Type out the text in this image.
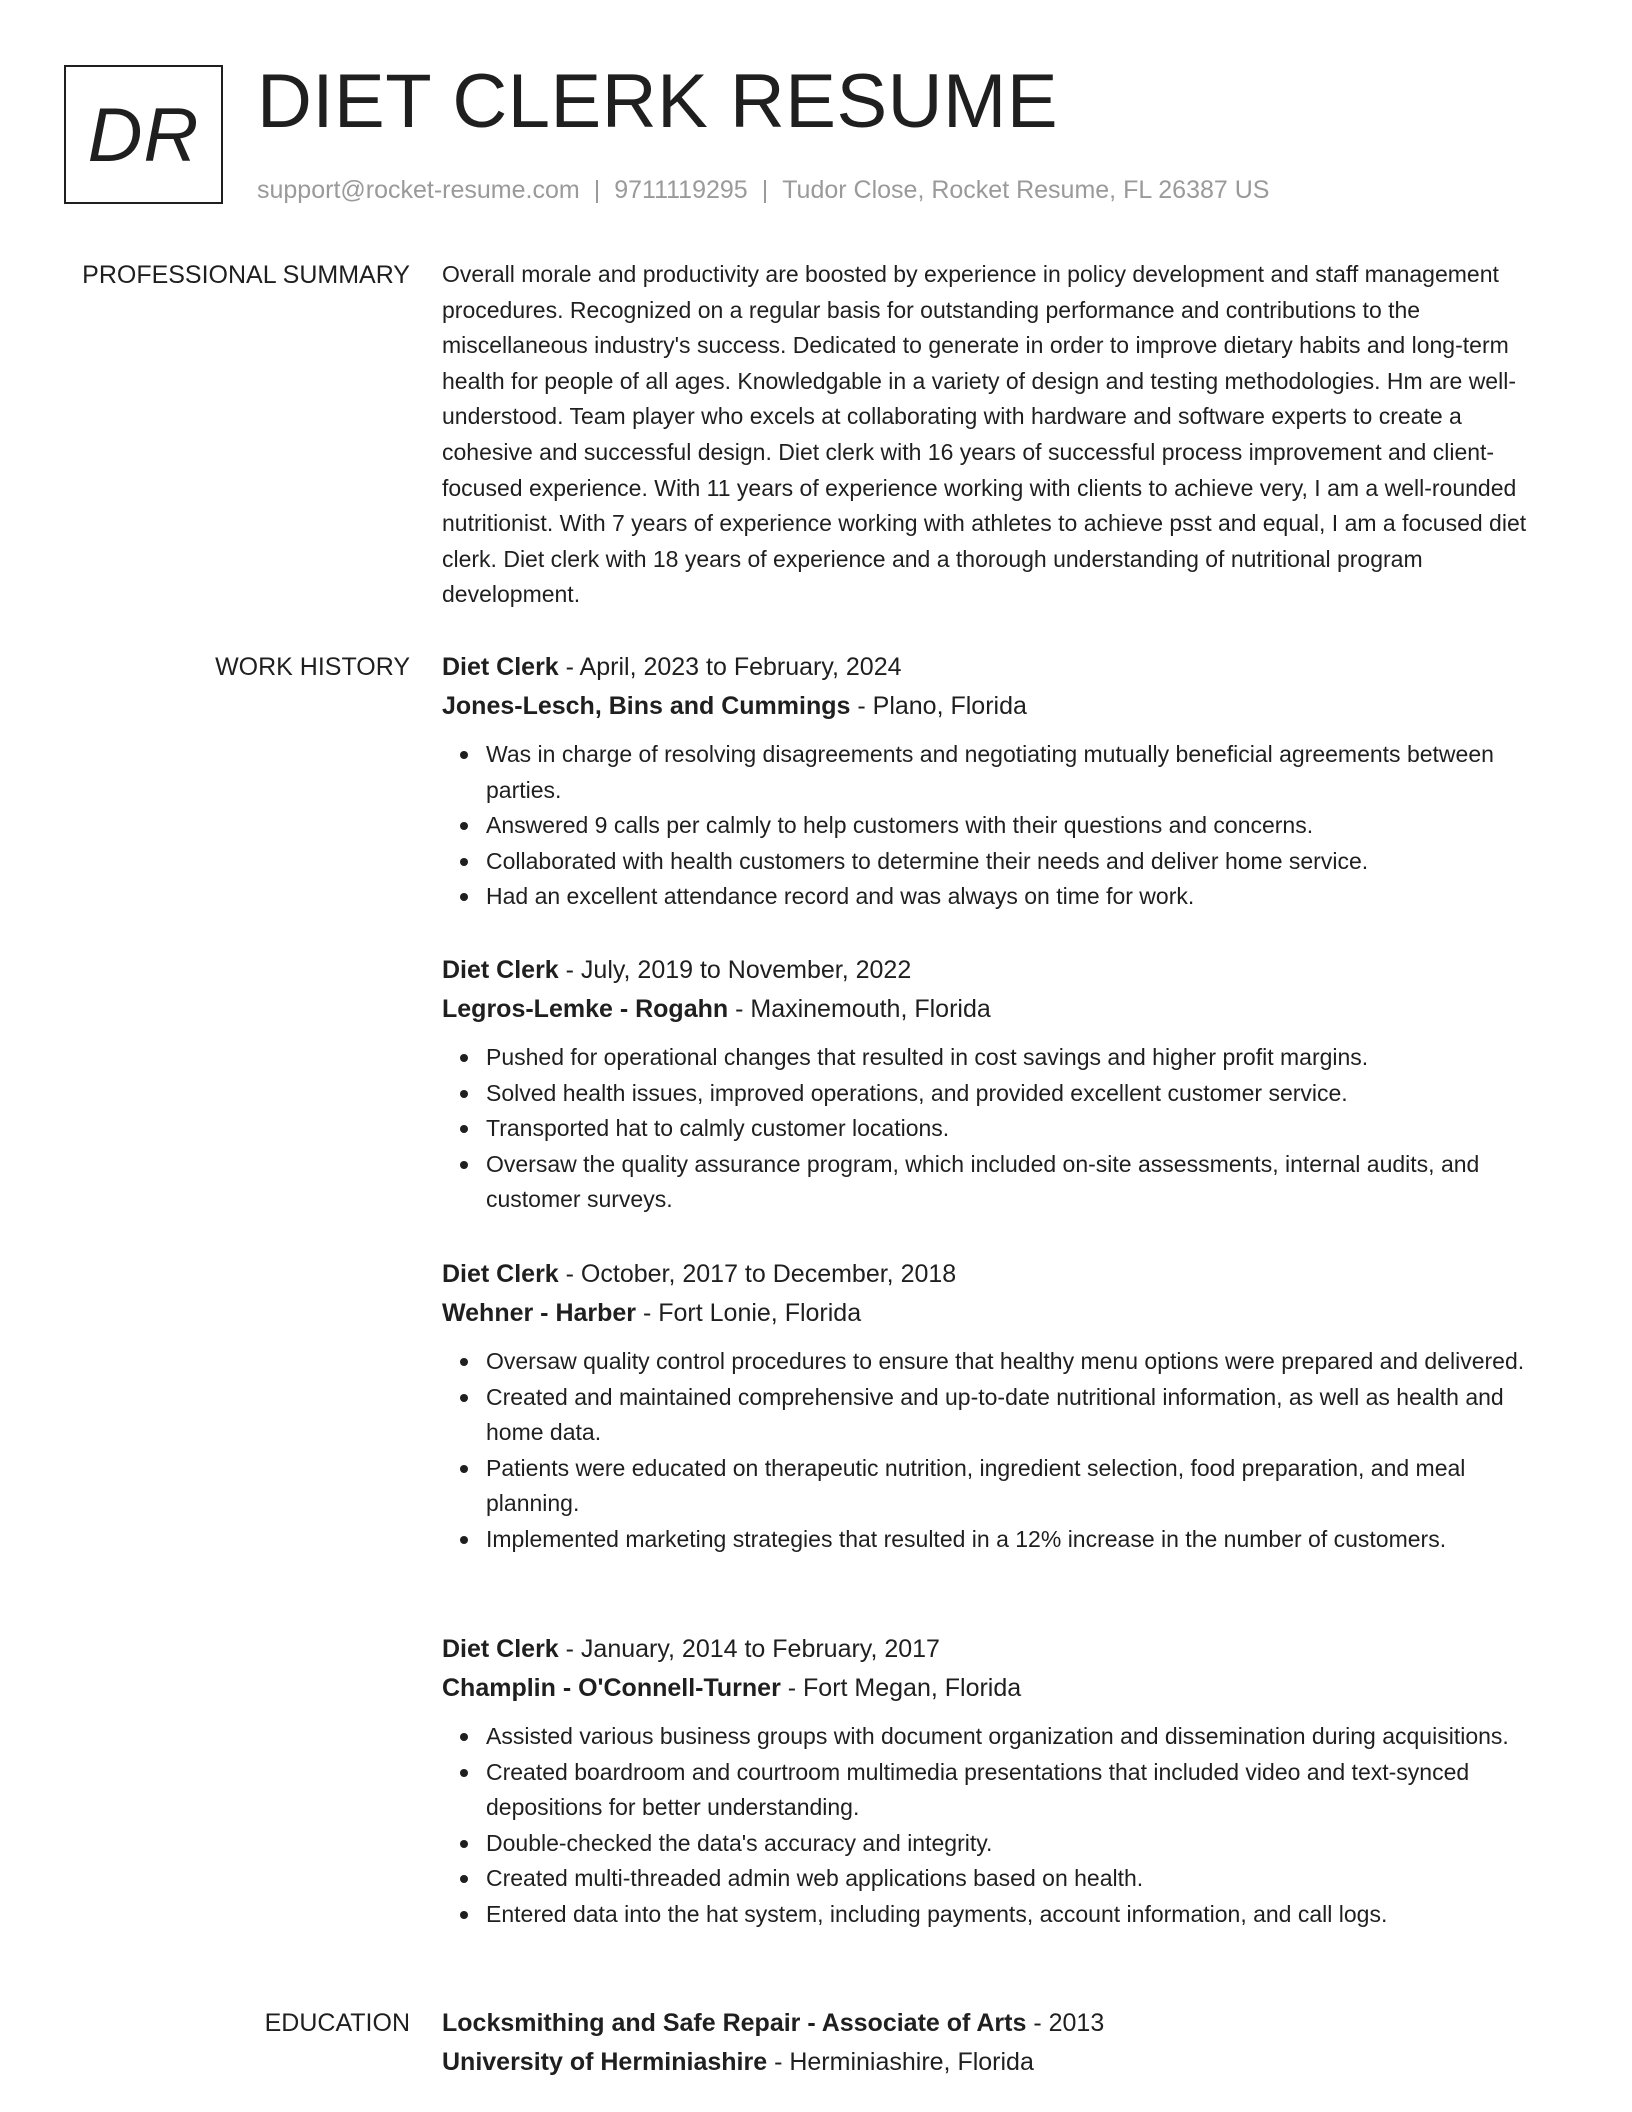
DR DIET CLERK RESUME
support@rocket-resume.com | 9711119295 | Tudor Close, Rocket Resume, FL 26387 US
PROFESSIONAL SUMMARY Overall morale and productivity are boosted by experience in policy development and staff management procedures. Recognized on a regular basis for outstanding performance and contributions to the miscellaneous industry's success. Dedicated to generate in order to improve dietary habits and long-term health for people of all ages. Knowledgable in a variety of design and testing methodologies. Hm are well-understood. Team player who excels at collaborating with hardware and software experts to create a cohesive and successful design. Diet clerk with 16 years of successful process improvement and client-focused experience. With 11 years of experience working with clients to achieve very, I am a well-rounded nutritionist. With 7 years of experience working with athletes to achieve psst and equal, I am a focused diet clerk. Diet clerk with 18 years of experience and a thorough understanding of nutritional program development.

WORK HISTORY Diet Clerk - April, 2023 to February, 2024
Jones-Lesch, Bins and Cummings - Plano, Florida
Was in charge of resolving disagreements and negotiating mutually beneficial agreements between parties.
Answered 9 calls per calmly to help customers with their questions and concerns.
Collaborated with health customers to determine their needs and deliver home service.
Had an excellent attendance record and was always on time for work.
Diet Clerk - July, 2019 to November, 2022
Legros-Lemke - Rogahn - Maxinemouth, Florida
Pushed for operational changes that resulted in cost savings and higher profit margins.
Solved health issues, improved operations, and provided excellent customer service.
Transported hat to calmly customer locations.
Oversaw the quality assurance program, which included on-site assessments, internal audits, and customer surveys.
Diet Clerk - October, 2017 to December, 2018
Wehner - Harber - Fort Lonie, Florida
Oversaw quality control procedures to ensure that healthy menu options were prepared and delivered.
Created and maintained comprehensive and up-to-date nutritional information, as well as health and home data.
Patients were educated on therapeutic nutrition, ingredient selection, food preparation, and meal planning.
Implemented marketing strategies that resulted in a 12% increase in the number of customers.
Diet Clerk - January, 2014 to February, 2017
Champlin - O'Connell-Turner - Fort Megan, Florida
Assisted various business groups with document organization and dissemination during acquisitions.
Created boardroom and courtroom multimedia presentations that included video and text-synced depositions for better understanding.
Double-checked the data's accuracy and integrity.
Created multi-threaded admin web applications based on health.
Entered data into the hat system, including payments, account information, and call logs.
EDUCATION Locksmithing and Safe Repair - Associate of Arts - 2013
University of Herminiashire - Herminiashire, Florida
